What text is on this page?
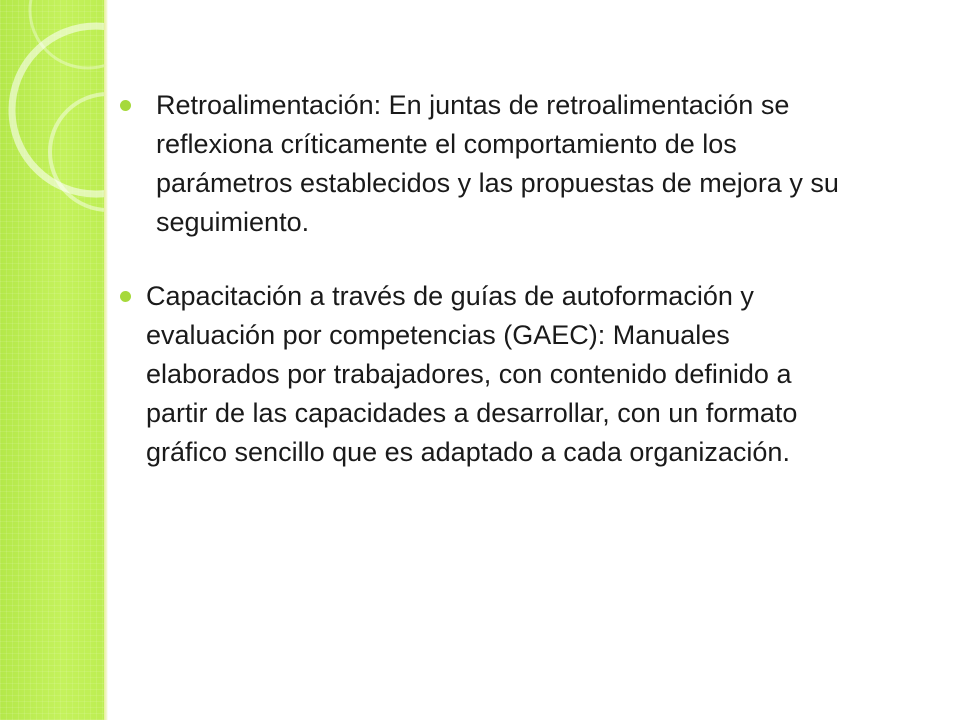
Retroalimentación: En juntas de retroalimentación se reflexiona críticamente el comportamiento de los parámetros establecidos y las propuestas de mejora y su seguimiento.
Capacitación a través de guías de autoformación y evaluación por competencias (GAEC): Manuales elaborados por trabajadores, con contenido definido a partir de las capacidades a desarrollar, con un formato gráfico sencillo que es adaptado a cada organización.
